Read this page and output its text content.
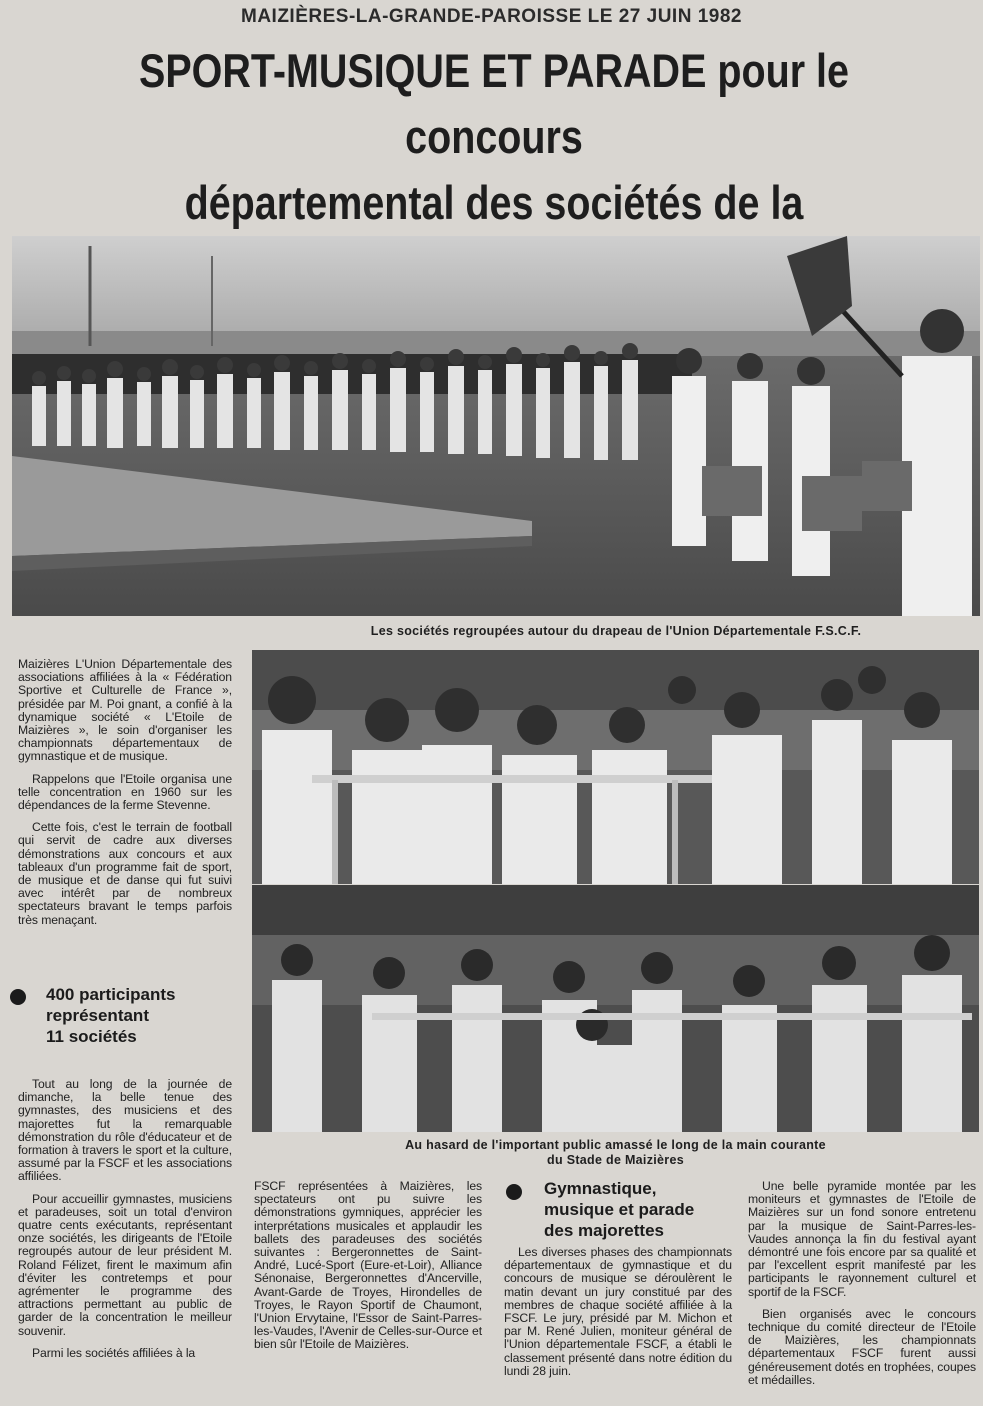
MAIZIÈRES-LA-GRANDE-PAROISSE LE 27 JUIN 1982
SPORT-MUSIQUE ET PARADE pour le concours
départemental des sociétés de la
Les sociétés regroupées autour du drapeau de l'Union Départementale F.S.C.F.
Au hasard de l'important public amassé le long de la main courante
du Stade de Maizières

Maizières L'Union Départementale des associations affiliées à la « Fédération Sportive et Culturelle de France », présidée par M. Poi gnant, a confié à la dynamique société « L'Etoile de Maizières », le soin d'organiser les championnats départementaux de gymnastique et de musique.

Rappelons que l'Etoile organisa une telle concentration en 1960 sur les dépendances de la ferme Stevenne.

Cette fois, c'est le terrain de football qui servit de cadre aux diverses démonstrations aux concours et aux tableaux d'un programme fait de sport, de musique et de danse qui fut suivi avec intérêt par de nombreux spectateurs bravant le temps parfois très menaçant.

400 participants
représentant
11 sociétés

Tout au long de la journée de dimanche, la belle tenue des gymnastes, des musiciens et des majorettes fut la remarquable démonstration du rôle d'éducateur et de formation à travers le sport et la culture, assumé par la FSCF et les associations affiliées.

Pour accueillir gymnastes, musiciens et paradeuses, soit un total d'environ quatre cents exécutants, représentant onze sociétés, les dirigeants de l'Etoile regroupés autour de leur président M. Roland Félizet, firent le maximum afin d'éviter les contretemps et pour agrémenter le programme des attractions permettant au public de garder de la concentration le meilleur souvenir.

Parmi les sociétés affiliées à la

FSCF représentées à Maizières, les spectateurs ont pu suivre les démonstrations gymniques, apprécier les interprétations musicales et applaudir les ballets des paradeuses des sociétés suivantes : Bergeronnettes de Saint-André, Lucé-Sport (Eure-et-Loir), Alliance Sénonaise, Bergeronnettes d'Ancerville, Avant-Garde de Troyes, Hirondelles de Troyes, le Rayon Sportif de Chaumont, l'Union Ervytaine, l'Essor de Saint-Parres-les-Vaudes, l'Avenir de Celles-sur-Ource et bien sûr l'Etoile de Maizières.

Gymnastique,
musique et parade
des majorettes

Les diverses phases des championnats départementaux de gymnastique et du concours de musique se déroulèrent le matin devant un jury constitué par des membres de chaque société affiliée à la FSCF. Le jury, présidé par M. Michon et par M. René Julien, moniteur général de l'Union départementale FSCF, a établi le classement présenté dans notre édition du lundi 28 juin.

Une belle pyramide montée par les moniteurs et gymnastes de l'Etoile de Maizières sur un fond sonore entretenu par la musique de Saint-Parres-les-Vaudes annonça la fin du festival ayant démontré une fois encore par sa qualité et par l'excellent esprit manifesté par les participants le rayonnement culturel et sportif de la FSCF.

Bien organisés avec le concours technique du comité directeur de l'Etoile de Maizières, les championnats départementaux FSCF furent aussi généreusement dotés en trophées, coupes et médailles.
